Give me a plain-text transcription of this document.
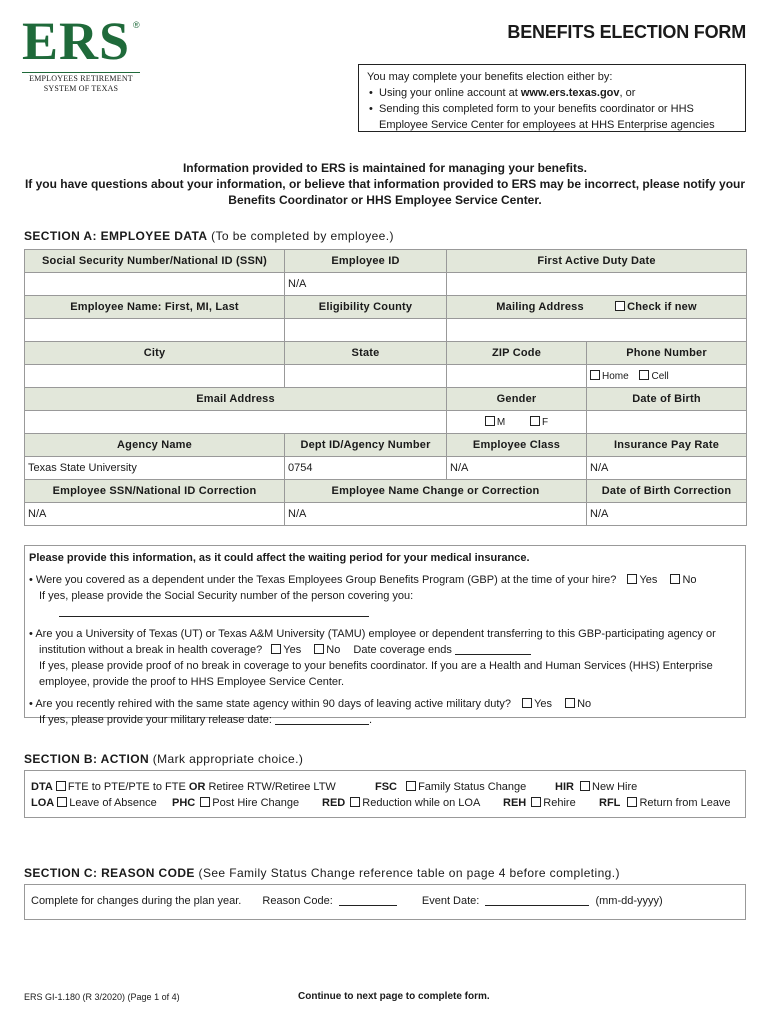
ERS ®
EMPLOYEES RETIREMENT
SYSTEM OF TEXAS
BENEFITS ELECTION FORM
You may complete your benefits election either by:
• Using your online account at www.ers.texas.gov, or
• Sending this completed form to your benefits coordinator or HHS Employee Service Center for employees at HHS Enterprise agencies
Information provided to ERS is maintained for managing your benefits.
If you have questions about your information, or believe that information provided to ERS may be incorrect, please notify your Benefits Coordinator or HHS Employee Service Center.
SECTION A: EMPLOYEE DATA (To be completed by employee.)
Social Security Number/National ID (SSN)	Employee ID	First Active Duty Date	
	N/A		
Employee Name: First, MI, Last	Eligibility County	Mailing Address Check if new	

City	State	ZIP Code	Phone Number
			Home Cell
Email Address		Gender	Date of Birth
		M F	
Agency Name	Dept ID/Agency Number	Employee Class	Insurance Pay Rate
Texas State University	0754	N/A	N/A
Employee SSN/National ID Correction	Employee Name Change or Correction		Date of Birth Correction
N/A	N/A		N/A
Please provide this information, as it could affect the waiting period for your medical insurance.
• Were you covered as a dependent under the Texas Employees Group Benefits Program (GBP) at the time of your hire? Yes No
If yes, please provide the Social Security number of the person covering you:
• Are you a University of Texas (UT) or Texas A&M University (TAMU) employee or dependent transferring to this GBP-participating agency or
institution without a break in health coverage? Yes No Date coverage ends
If yes, please provide proof of no break in coverage to your benefits coordinator. If you are a Health and Human Services (HHS) Enterprise employee, provide the proof to HHS Employee Service Center.
• Are you recently rehired with the same state agency within 90 days of leaving active military duty? Yes No
If yes, please provide your military release date:	.
SECTION B: ACTION (Mark appropriate choice.)
DTA FTE to PTE/PTE to FTE OR Retiree RTW/Retiree LTW	FSC Family Status Change	HIR New Hire
LOA Leave of Absence PHC Post Hire Change RED Reduction while on LOA REH Rehire RFL Return from Leave
SECTION C: REASON CODE (See Family Status Change reference table on page 4 before completing.)
Complete for changes during the plan year. Reason Code:	Event Date:	(mm-dd-yyyy)
ERS GI-1.180 (R 3/2020) (Page 1 of 4)	Continue to next page to complete form.
